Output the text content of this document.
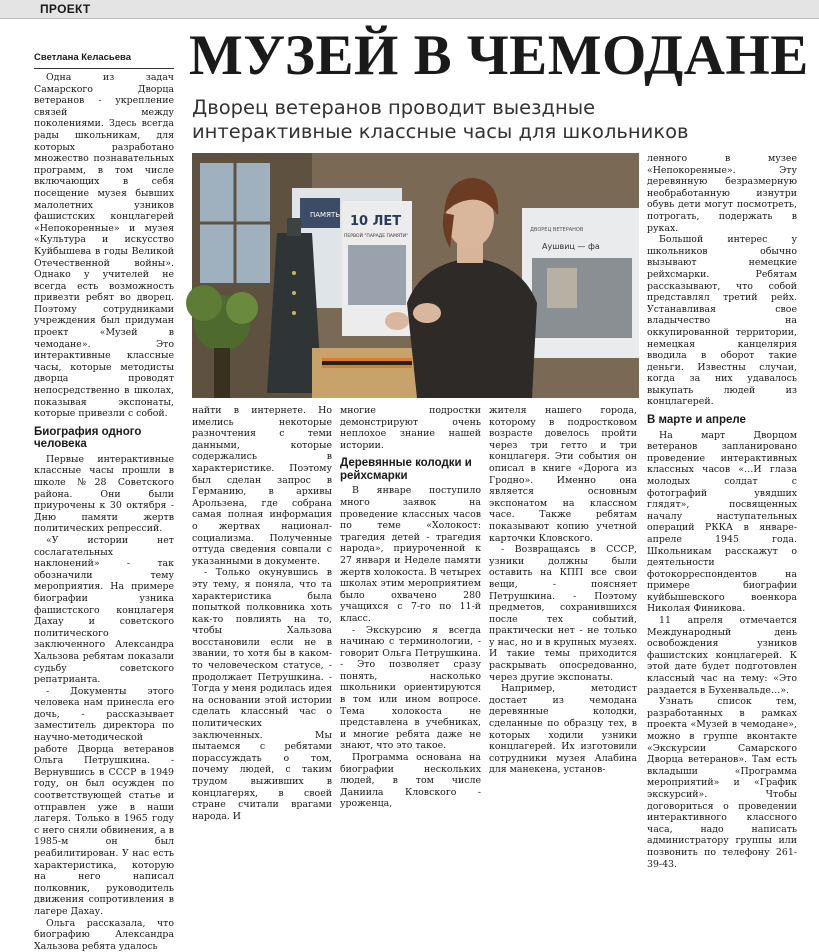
ПРОЕКТ
МУЗЕЙ В ЧЕМОДАНЕ
Дворец ветеранов проводит выездные
интерактивные классные часы для школьников
Светлана Келасьева

Одна из задач Самарского Дворца ветеранов - укрепление связей между поколениями. Здесь всегда рады школьникам, для которых разработано множество познавательных программ, в том числе включающих в себя посещение музея бывших малолетних узников фашистских концлагерей «Непокоренные» и музея «Культура и искусство Куйбышева в годы Великой Отечественной войны». Однако у учителей не всегда есть возможность привезти ребят во дворец. Поэтому сотрудниками учреждения был придуман проект «Музей в чемодане». Это интерактивные классные часы, которые методисты дворца проводят непосредственно в школах, показывая экспонаты, которые привезли с собой.

Биография одного человека

Первые интерактивные классные часы прошли в школе №28 Советского района. Они были приурочены к 30 октября - Дню памяти жертв политических репрессий.

«У истории нет сослагательных наклонений» - так обозначили тему мероприятия. На примере биографии узника фашистского концлагеря Дахау и советского политического заключенного Александра Хальзова ребятам показали судьбу советского репатрианта.

- Документы этого человека нам принесла его дочь, - рассказывает заместитель директора по научно-методической работе Дворца ветеранов Ольга Петрушкина. - Вернувшись в СССР в 1949 году, он был осужден по соответствующей статье и отправлен уже в наши лагеря. Только в 1965 году с него сняли обвинения, а в 1985-м он был реабилитирован. У нас есть характеристика, которую на него написал полковник, руководитель движения сопротивления в лагере Дахау.

Ольга рассказала, что биографию Александра Хальзова ребята удалось

ПАМЯТЬ 10 ЛЕТ
ПЕРВОЙ "ПАРАДЕ ПАМЯТИ"
Аушвиц — фа
ДВОРЕЦ ВЕТЕРАНОВ

найти в интернете. Но имелись некоторые разночтения с теми данными, которые содержались в характеристике. Поэтому был сделан запрос в Германию, в архивы Арользена, где собрана самая полная информация о жертвах национал-социализма. Полученные оттуда сведения совпали с указанными в документе.

- Только окунувшись в эту тему, я поняла, что та характеристика была попыткой полковника хоть как-то повлиять на то, чтобы Хальзова восстановили если не в звании, то хотя бы в каком-то человеческом статусе, - продолжает Петрушкина. - Тогда у меня родилась идея на основании этой истории сделать классный час о политических заключенных. Мы пытаемся с ребятами порассуждать о том, почему людей, с таким трудом выживших в концлагерях, в своей стране считали врагами народа. И

многие подростки демонстрируют очень неплохое знание нашей истории.

Деревянные колодки и рейхсмарки

В январе поступило много заявок на проведение классных часов по теме «Холокост: трагедия детей - трагедия народа», приуроченной к 27 января и Неделе памяти жертв холокоста. В четырех школах этим мероприятием было охвачено 280 учащихся с 7-го по 11-й класс.

- Экскурсию я всегда начинаю с терминологии, - говорит Ольга Петрушкина. - Это позволяет сразу понять, насколько школьники ориентируются в том или ином вопросе. Тема холокоста не представлена в учебниках, и многие ребята даже не знают, что это такое.

Программа основана на биографии нескольких людей, в том числе Даниила Кловского - уроженца,

жителя нашего города, которому в подростковом возрасте довелось пройти через три гетто и три концлагеря. Эти события он описал в книге «Дорога из Гродно». Именно она является основным экспонатом на классном часе. Также ребятам показывают копию учетной карточки Кловского.

- Возвращаясь в СССР, узники должны были оставить на КПП все свои вещи, - поясняет Петрушкина. - Поэтому предметов, сохранившихся после тех событий, практически нет - не только у нас, но и в крупных музеях. И такие темы приходится раскрывать опосредованно, через другие экспонаты.

Например, методист достает из чемодана деревянные колодки, сделанные по образцу тех, в которых ходили узники концлагерей. Их изготовили сотрудники музея Алабина для манекена, установ-

ленного в музее «Непокоренные». Эту деревянную безразмерную необработанную изнутри обувь дети могут посмотреть, потрогать, подержать в руках.

Большой интерес у школьников обычно вызывают немецкие рейхсмарки. Ребятам рассказывают, что собой представлял третий рейх. Устанавливая свое владычество на оккупированной территории, немецкая канцелярия вводила в оборот такие деньги. Известны случаи, когда за них удавалось выкупать людей из концлагерей.

В марте и апреле

На март Дворцом ветеранов запланировано проведение интерактивных классных часов «…И глаза молодых солдат с фотографий увядших глядят», посвященных началу наступательных операций РККА в январе-апреле 1945 года. Школьникам расскажут о деятельности фотокорреспондентов на примере биографии куйбышевского военкора Николая Финикова.

11 апреля отмечается Международный день освобождения узников фашистских концлагерей. К этой дате будет подготовлен классный час на тему: «Это раздается в Бухенвальде…».

Узнать список тем, разработанных в рамках проекта «Музей в чемодане», можно в группе вконтакте «Экскурсии Самарского Дворца ветеранов». Там есть вкладыши «Программа мероприятий» и «График экскурсий». Чтобы договориться о проведении интерактивного классного часа, надо написать администратору группы или позвонить по телефону 261-39-43.
